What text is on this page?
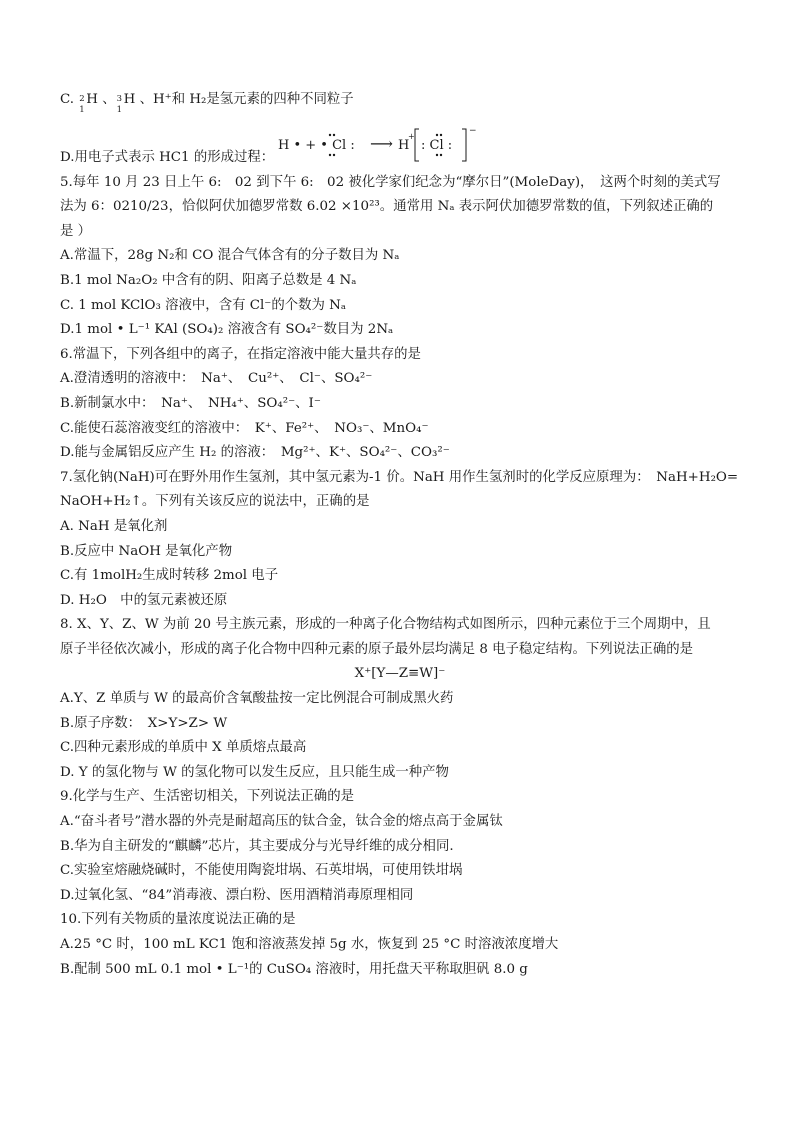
C. 2
1
H 、 3
1
H 、H⁺和 H₂是氢元素的四种不同粒子
H • + • Cl : ⟶ H
+
: Cl :
−
D.用电子式表示 HC1 的形成过程：
5.每年 10 月 23 日上午 6:　02 到下午 6:　02 被化学家们纪念为“摩尔日”(MoleDay)，　这两个时刻的美式写
法为 6：0210/23，恰似阿伏加德罗常数 6.02 ×10²³。通常用 Nₐ 表示阿伏加德罗常数的值，下列叙述正确的
是 ）
A.常温下，28g N₂和 CO 混合气体含有的分子数目为 Nₐ
B.1 mol Na₂O₂ 中含有的阴、阳离子总数是 4 Nₐ
C. 1 mol KClO₃ 溶液中，含有 Cl⁻的个数为 Nₐ
D.1 mol • L⁻¹ KAl (SO₄)₂ 溶液含有 SO₄²⁻数目为 2Nₐ
6.常温下，下列各组中的离子，在指定溶液中能大量共存的是
A.澄清透明的溶液中：　Na⁺、　Cu²⁺、　Cl⁻、SO₄²⁻
B.新制氯水中：　Na⁺、　NH₄⁺、SO₄²⁻、I⁻
C.能使石蕊溶液变红的溶液中：　K⁺、Fe²⁺、　NO₃⁻、MnO₄⁻
D.能与金属铝反应产生 H₂ 的溶液：　Mg²⁺、K⁺、SO₄²⁻、CO₃²⁻
7.氢化钠(NaH)可在野外用作生氢剂，其中氢元素为-1 价。NaH 用作生氢剂时的化学反应原理为：　NaH+H₂O=
NaOH+H₂↑。下列有关该反应的说法中，正确的是
A. NaH 是氧化剂
B.反应中 NaOH 是氧化产物
C.有 1molH₂生成时转移 2mol 电子
D. H₂O　中的氢元素被还原
8. X、Y、Z、W 为前 20 号主族元素，形成的一种离子化合物结构式如图所示，四种元素位于三个周期中，且
原子半径依次减小，形成的离子化合物中四种元素的原子最外层均满足 8 电子稳定结构。下列说法正确的是
X⁺[Y—Z≡W]⁻
A.Y、Z 单质与 W 的最高价含氧酸盐按一定比例混合可制成黑火药
B.原子序数：　X>Y>Z> W
C.四种元素形成的单质中 X 单质熔点最高
D. Y 的氢化物与 W 的氢化物可以发生反应，且只能生成一种产物
9.化学与生产、生活密切相关，下列说法正确的是
A.“奋斗者号”潜水器的外壳是耐超高压的钛合金，钛合金的熔点高于金属钛
B.华为自主研发的“麒麟”芯片，其主要成分与光导纤维的成分相同.
C.实验室熔融烧碱时，不能使用陶瓷坩埚、石英坩埚，可使用铁坩埚
D.过氧化氢、“84”消毒液、漂白粉、医用酒精消毒原理相同
10.下列有关物质的量浓度说法正确的是
A.25 °C 时，100 mL KC1 饱和溶液蒸发掉 5g 水，恢复到 25 °C 时溶液浓度增大
B.配制 500 mL 0.1 mol • L⁻¹的 CuSO₄ 溶液时，用托盘天平称取胆矾 8.0 g
